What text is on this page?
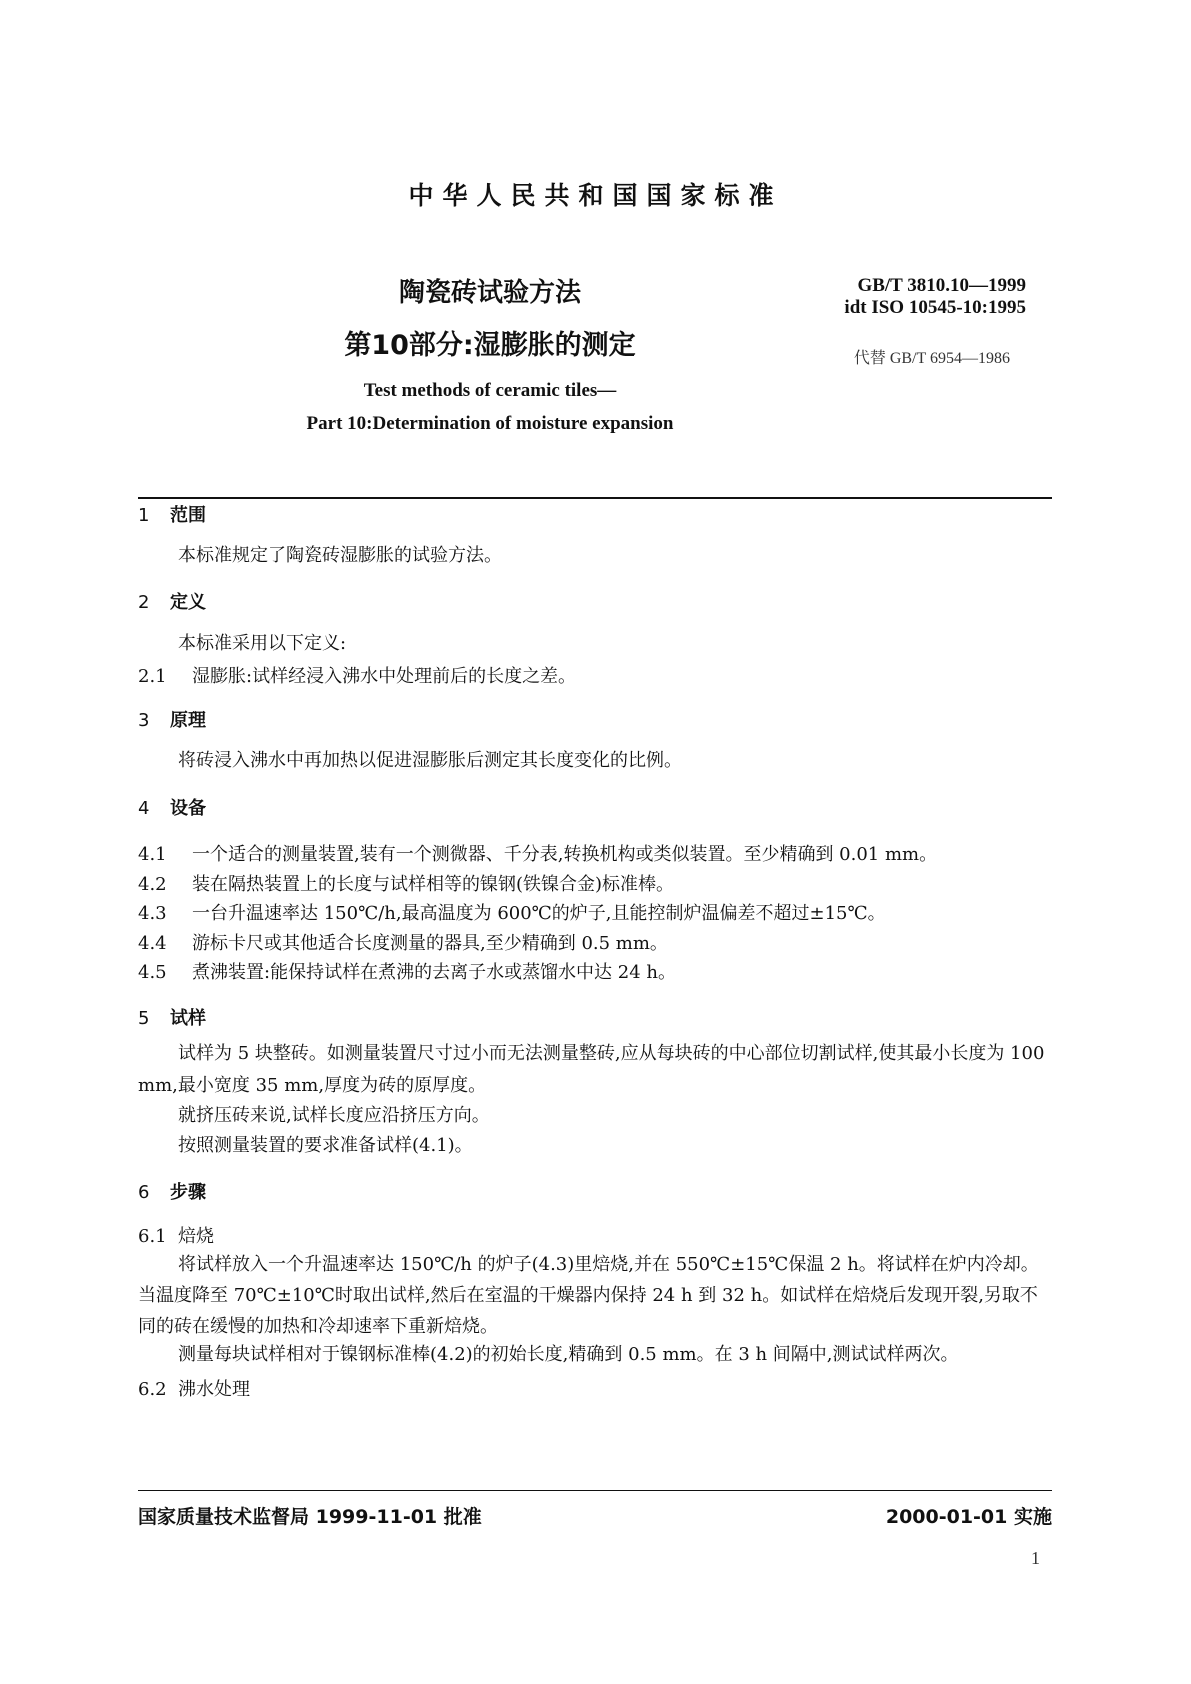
中华人民共和国国家标准
陶瓷砖试验方法
第10部分:湿膨胀的测定
Test methods of ceramic tiles—
Part 10:Determination of moisture expansion
GB/T 3810.10—1999
idt ISO 10545-10:1995
代替 GB/T 6954—1986
1 范围
本标准规定了陶瓷砖湿膨胀的试验方法。
2 定义
本标准采用以下定义:
2.1 湿膨胀:试样经浸入沸水中处理前后的长度之差。
3 原理
将砖浸入沸水中再加热以促进湿膨胀后测定其长度变化的比例。
4 设备
4.1 一个适合的测量装置,装有一个测微器、千分表,转换机构或类似装置。至少精确到 0.01 mm。
4.2 装在隔热装置上的长度与试样相等的镍钢(铁镍合金)标准棒。
4.3 一台升温速率达 150℃/h,最高温度为 600℃的炉子,且能控制炉温偏差不超过±15℃。
4.4 游标卡尺或其他适合长度测量的器具,至少精确到 0.5 mm。
4.5 煮沸装置:能保持试样在煮沸的去离子水或蒸馏水中达 24 h。
5 试样
试样为 5 块整砖。如测量装置尺寸过小而无法测量整砖,应从每块砖的中心部位切割试样,使其最小长度为 100 mm,最小宽度 35 mm,厚度为砖的原厚度。
就挤压砖来说,试样长度应沿挤压方向。
按照测量装置的要求准备试样(4.1)。
6 步骤
6.1 焙烧
将试样放入一个升温速率达 150℃/h 的炉子(4.3)里焙烧,并在 550℃±15℃保温 2 h。将试样在炉内冷却。当温度降至 70℃±10℃时取出试样,然后在室温的干燥器内保持 24 h 到 32 h。如试样在焙烧后发现开裂,另取不同的砖在缓慢的加热和冷却速率下重新焙烧。
测量每块试样相对于镍钢标准棒(4.2)的初始长度,精确到 0.5 mm。在 3 h 间隔中,测试试样两次。
6.2 沸水处理
国家质量技术监督局 1999-11-01 批准	2000-01-01 实施
1
